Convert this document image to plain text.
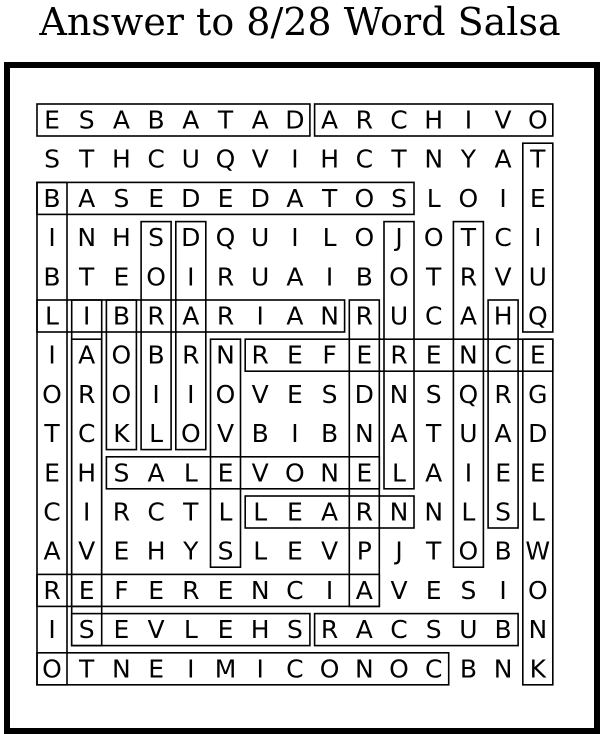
Answer to 8/28 Word Salsa
E S A B A T A D A R C H I V O
S T H C U Q V I H C T N Y A T
B A S E D E D A T O S L O I E
I N H S D Q U I L O J O T C I
B T E O I R U A I B O T R V U
L I B R A R I A N R U C A H Q
I A O B R N R E F E R E N C E
O R O I I O V E S D N S Q R G
T C K L O V B I B N A T U A D
E H S A L E V O N E L A I E E
C I R C T L L E A R N N L S L
A V E H Y S L E V P J T O B W
R E F E R E N C I A V E S I O
I S E V L E H S R A C S U B N
O T N E I M I C O N O C B N K
